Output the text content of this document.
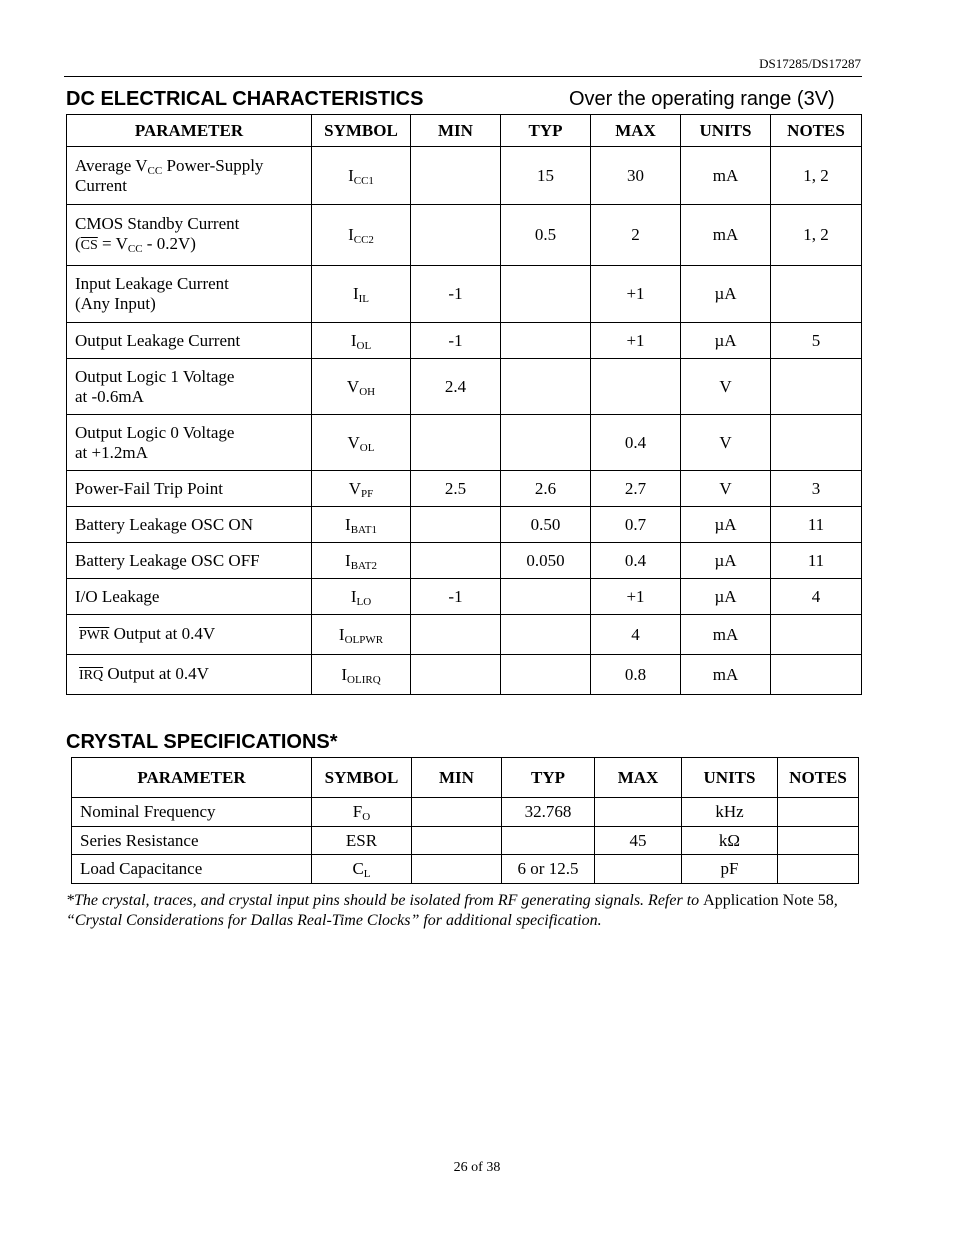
DS17285/DS17287
DC ELECTRICAL CHARACTERISTICS	Over the operating range (3V)
PARAMETER	SYMBOL	MIN	TYP	MAX	UNITS	NOTES
Average $V_{CC}$ Power-Supply
Current	$I_{CC1}$		15	30	mA	1, 2
CMOS Standby Current
$(\overline{CS} = V_{CC} - 0.2V)$	$I_{CC2}$		0.5	2	mA	1, 2
Input Leakage Current
(Any Input)	$I_{IL}$	-1		+1	µA	
Output Leakage Current	$I_{OL}$	-1		+1	µA	5
Output Logic 1 Voltage
at -0.6mA	$V_{OH}$	2.4			V	
Output Logic 0 Voltage
at +1.2mA	$V_{OL}$			0.4	V	
Power-Fail Trip Point	$V_{PF}$	2.5	2.6	2.7	V	3
Battery Leakage OSC ON	$I_{BAT1}$		0.50	0.7	µA	11
Battery Leakage OSC OFF	$I_{BAT2}$		0.050	0.4	µA	11
I/O Leakage	$I_{LO}$	-1		+1	µA	4
$\overline{PWR}$ Output at 0.4V	$I_{OLPWR}$			4	mA	
$\overline{IRQ}$ Output at 0.4V	$I_{OLIRQ}$			0.8	mA	
CRYSTAL SPECIFICATIONS*
PARAMETER	SYMBOL	MIN	TYP	MAX	UNITS	NOTES
Nominal Frequency	$F_O$		32.768		kHz	
Series Resistance	ESR			45	kΩ	
Load Capacitance	$C_L$		6 or 12.5		pF	
*The crystal, traces, and crystal input pins should be isolated from RF generating signals. Refer to Application Note 58, “Crystal Considerations for Dallas Real-Time Clocks” for additional specification.
26 of 38
